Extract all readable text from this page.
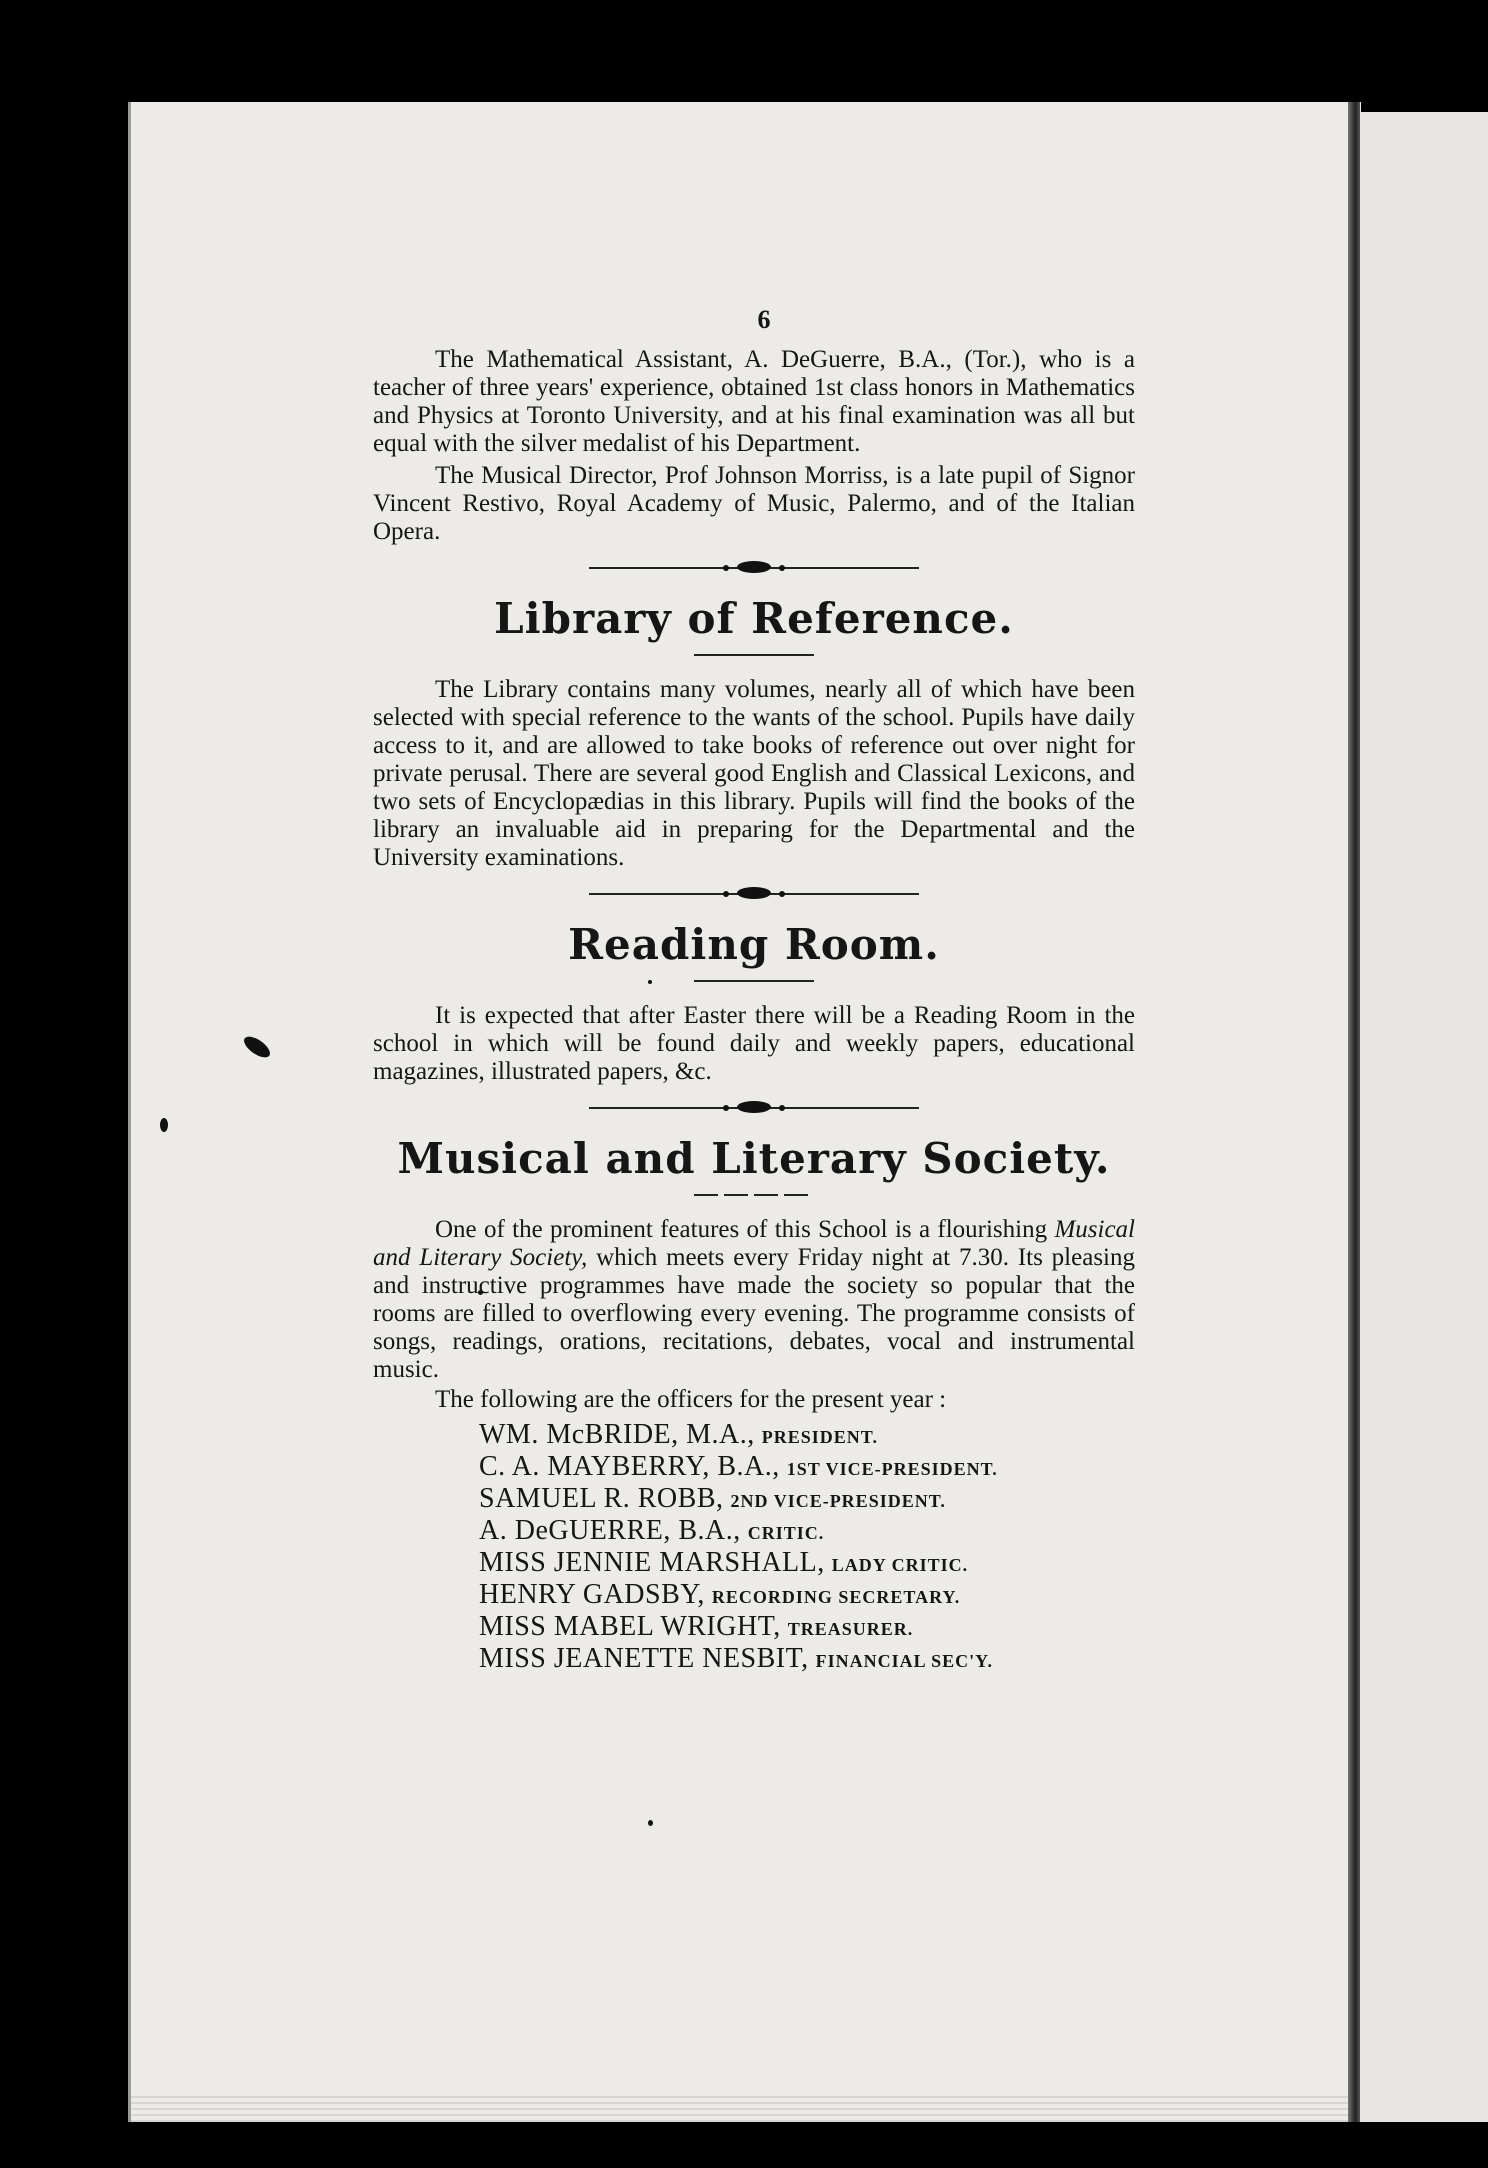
6

The Mathematical Assistant, A. DeGuerre, B.A., (Tor.), who is a teacher of three years' experience, obtained 1st class honors in Mathematics and Physics at Toronto University, and at his final examination was all but equal with the silver medalist of his Department.

The Musical Director, Prof Johnson Morriss, is a late pupil of Signor Vincent Restivo, Royal Academy of Music, Palermo, and of the Italian Opera.

Library of Reference.

The Library contains many volumes, nearly all of which have been selected with special reference to the wants of the school. Pupils have daily access to it, and are allowed to take books of reference out over night for private perusal. There are several good English and Classical Lexicons, and two sets of Encyclopædias in this library. Pupils will find the books of the library an invaluable aid in preparing for the Departmental and the University examinations.

Reading Room.

It is expected that after Easter there will be a Reading Room in the school in which will be found daily and weekly papers, educational magazines, illustrated papers, &c.

Musical and Literary Society.

One of the prominent features of this School is a flourishing Musical and Literary Society, which meets every Friday night at 7.30. Its pleasing and instructive programmes have made the society so popular that the rooms are filled to overflowing every evening. The programme consists of songs, readings, orations, recitations, debates, vocal and instrumental music.

The following are the officers for the present year :

WM. McBRIDE, M.A., PRESIDENT.
C. A. MAYBERRY, B.A., 1ST VICE-PRESIDENT.
SAMUEL R. ROBB, 2ND VICE-PRESIDENT.
A. DeGUERRE, B.A., CRITIC.
MISS JENNIE MARSHALL, LADY CRITIC.
HENRY GADSBY, RECORDING SECRETARY.
MISS MABEL WRIGHT, TREASURER.
MISS JEANETTE NESBIT, FINANCIAL SEC'Y.
